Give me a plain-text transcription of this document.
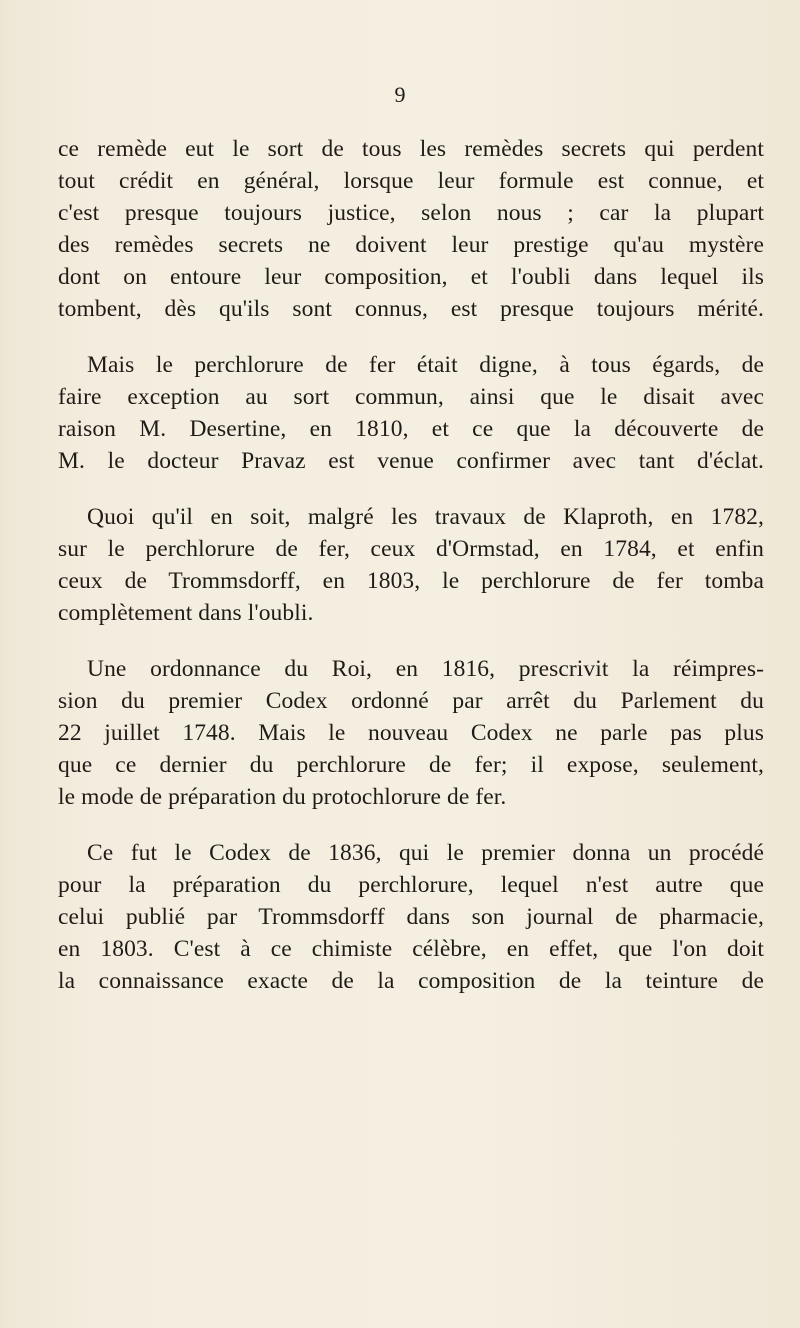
9
ce remède eut le sort de tous les remèdes secrets qui perdent
tout crédit en général, lorsque leur formule est connue, et
c'est presque toujours justice, selon nous ; car la plupart
des remèdes secrets ne doivent leur prestige qu'au mystère
dont on entoure leur composition, et l'oubli dans lequel ils
tombent, dès qu'ils sont connus, est presque toujours mérité.
Mais le perchlorure de fer était digne, à tous égards, de
faire exception au sort commun, ainsi que le disait avec
raison M. Desertine, en 1810, et ce que la découverte de
M. le docteur Pravaz est venue confirmer avec tant d'éclat.
Quoi qu'il en soit, malgré les travaux de Klaproth, en 1782,
sur le perchlorure de fer, ceux d'Ormstad, en 1784, et enfin
ceux de Trommsdorff, en 1803, le perchlorure de fer tomba
complètement dans l'oubli.
Une ordonnance du Roi, en 1816, prescrivit la réimpres-
sion du premier Codex ordonné par arrêt du Parlement du
22 juillet 1748. Mais le nouveau Codex ne parle pas plus
que ce dernier du perchlorure de fer; il expose, seulement,
le mode de préparation du protochlorure de fer.
Ce fut le Codex de 1836, qui le premier donna un procédé
pour la préparation du perchlorure, lequel n'est autre que
celui publié par Trommsdorff dans son journal de pharmacie,
en 1803. C'est à ce chimiste célèbre, en effet, que l'on doit
la connaissance exacte de la composition de la teinture de
